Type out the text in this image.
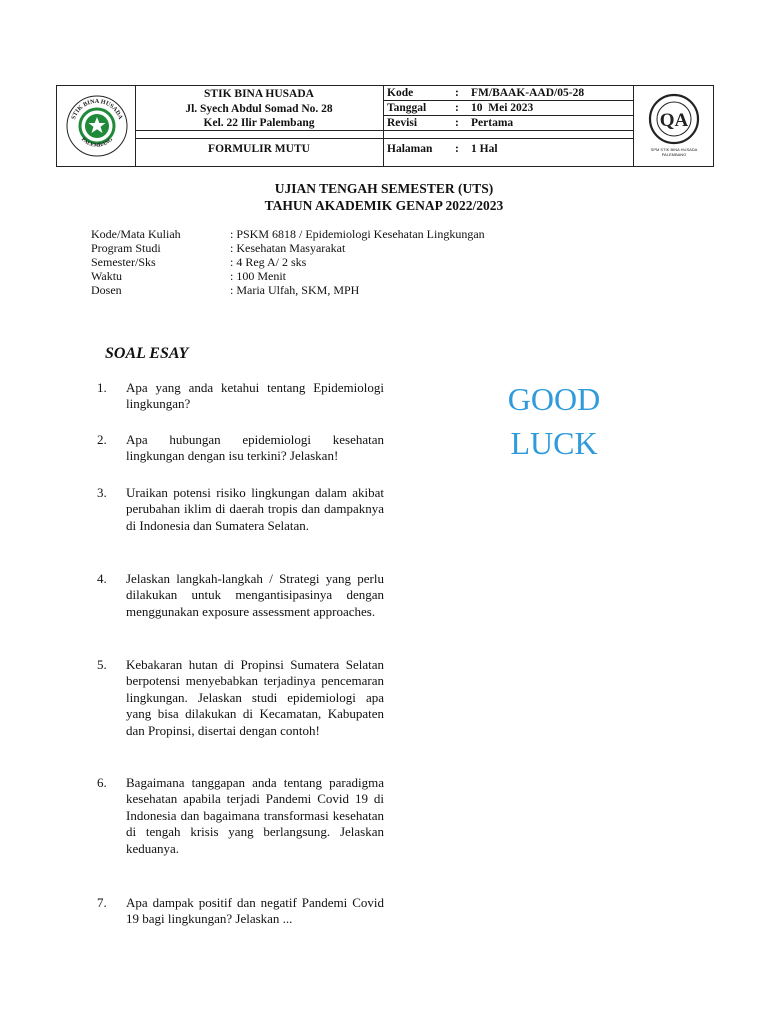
STIK BINA HUSADA
PALEMBANG
STIK BINA HUSADA
Jl. Syech Abdul Somad No. 28
Kel. 22 Ilir Palembang
FORMULIR MUTU
Kode	: FM/BAAK-AAD/05-28
Tanggal	: 10  Mei 2023
Revisi	: Pertama
Halaman : 1 Hal
QA
SPM STIK BINA HUSADA
PALEMBANG
UJIAN TENGAH SEMESTER (UTS)
TAHUN AKADEMIK GENAP 2022/2023
Kode/Mata Kuliah	: PSKM 6818 / Epidemiologi Kesehatan Lingkungan
Program Studi	: Kesehatan Masyarakat
Semester/Sks	: 4 Reg A/ 2 sks
Waktu	: 100 Menit
Dosen	: Maria Ulfah, SKM, MPH
SOAL ESAY
1.	Apa yang anda ketahui tentang Epidemiologi lingkungan?
2.	Apa hubungan epidemiologi kesehatan lingkungan dengan isu terkini? Jelaskan!
3.	Uraikan potensi risiko lingkungan dalam akibat perubahan iklim di daerah tropis dan dampaknya di Indonesia dan Sumatera Selatan.
4.	Jelaskan langkah-langkah / Strategi yang perlu dilakukan untuk mengantisipasinya dengan menggunakan exposure assessment approaches.
5.	Kebakaran hutan di Propinsi Sumatera Selatan berpotensi menyebabkan terjadinya pencemaran lingkungan. Jelaskan studi epidemiologi apa yang bisa dilakukan di Kecamatan, Kabupaten dan Propinsi, disertai dengan contoh!
6.	Bagaimana tanggapan anda tentang paradigma kesehatan apabila terjadi Pandemi Covid 19 di Indonesia dan bagaimana transformasi kesehatan di tengah krisis yang berlangsung. Jelaskan keduanya.
7.	Apa dampak positif dan negatif Pandemi Covid 19 bagi lingkungan? Jelaskan ...
GOOD
LUCK
